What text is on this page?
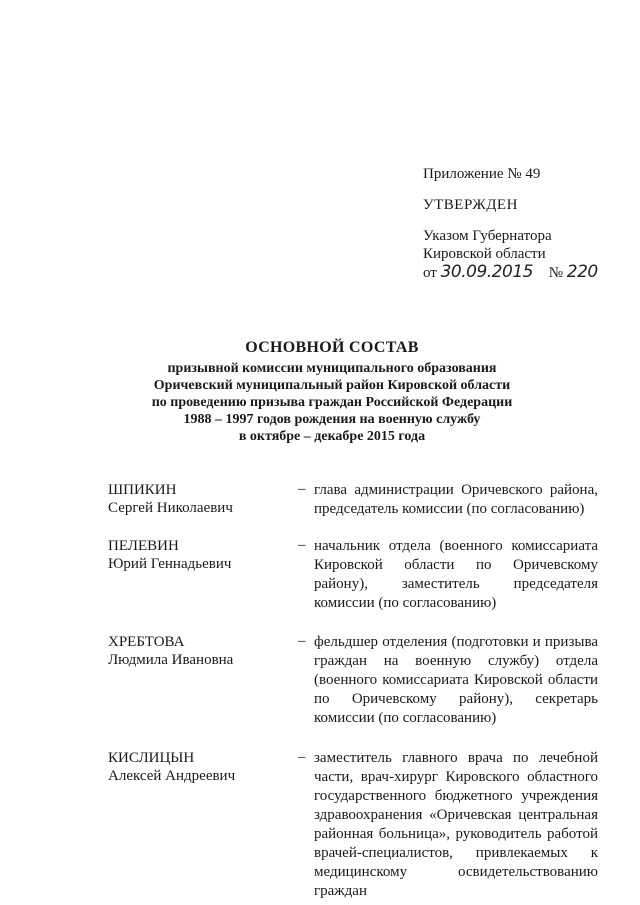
Приложение № 49
УТВЕРЖДЕН
Указом Губернатора
Кировской области
от 30.09.2015 № 220
ОСНОВНОЙ СОСТАВ
призывной комиссии муниципального образования
Оричевский муниципальный район Кировской области
по проведению призыва граждан Российской Федерации
1988 – 1997 годов рождения на военную службу
в октябре – декабре 2015 года
ШПИКИН
Сергей Николаевич
– глава администрации Оричевского района, председатель комиссии (по согласованию)
ПЕЛЕВИН
Юрий Геннадьевич
– начальник отдела (военного комиссариата Кировской области по Оричевскому району), заместитель председателя комиссии (по согласованию)
ХРЕБТОВА
Людмила Ивановна
– фельдшер отделения (подготовки и призыва граждан на военную службу) отдела (военного комиссариата Кировской области по Оричевскому району), секретарь комиссии (по согласованию)
КИСЛИЦЫН
Алексей Андреевич
– заместитель главного врача по лечебной части, врач-хирург Кировского областного государственного бюджетного учреждения здравоохранения «Оричевская центральная районная больница», руководитель работой врачей-специалистов, привлекаемых к медицинскому освидетельствованию граждан
